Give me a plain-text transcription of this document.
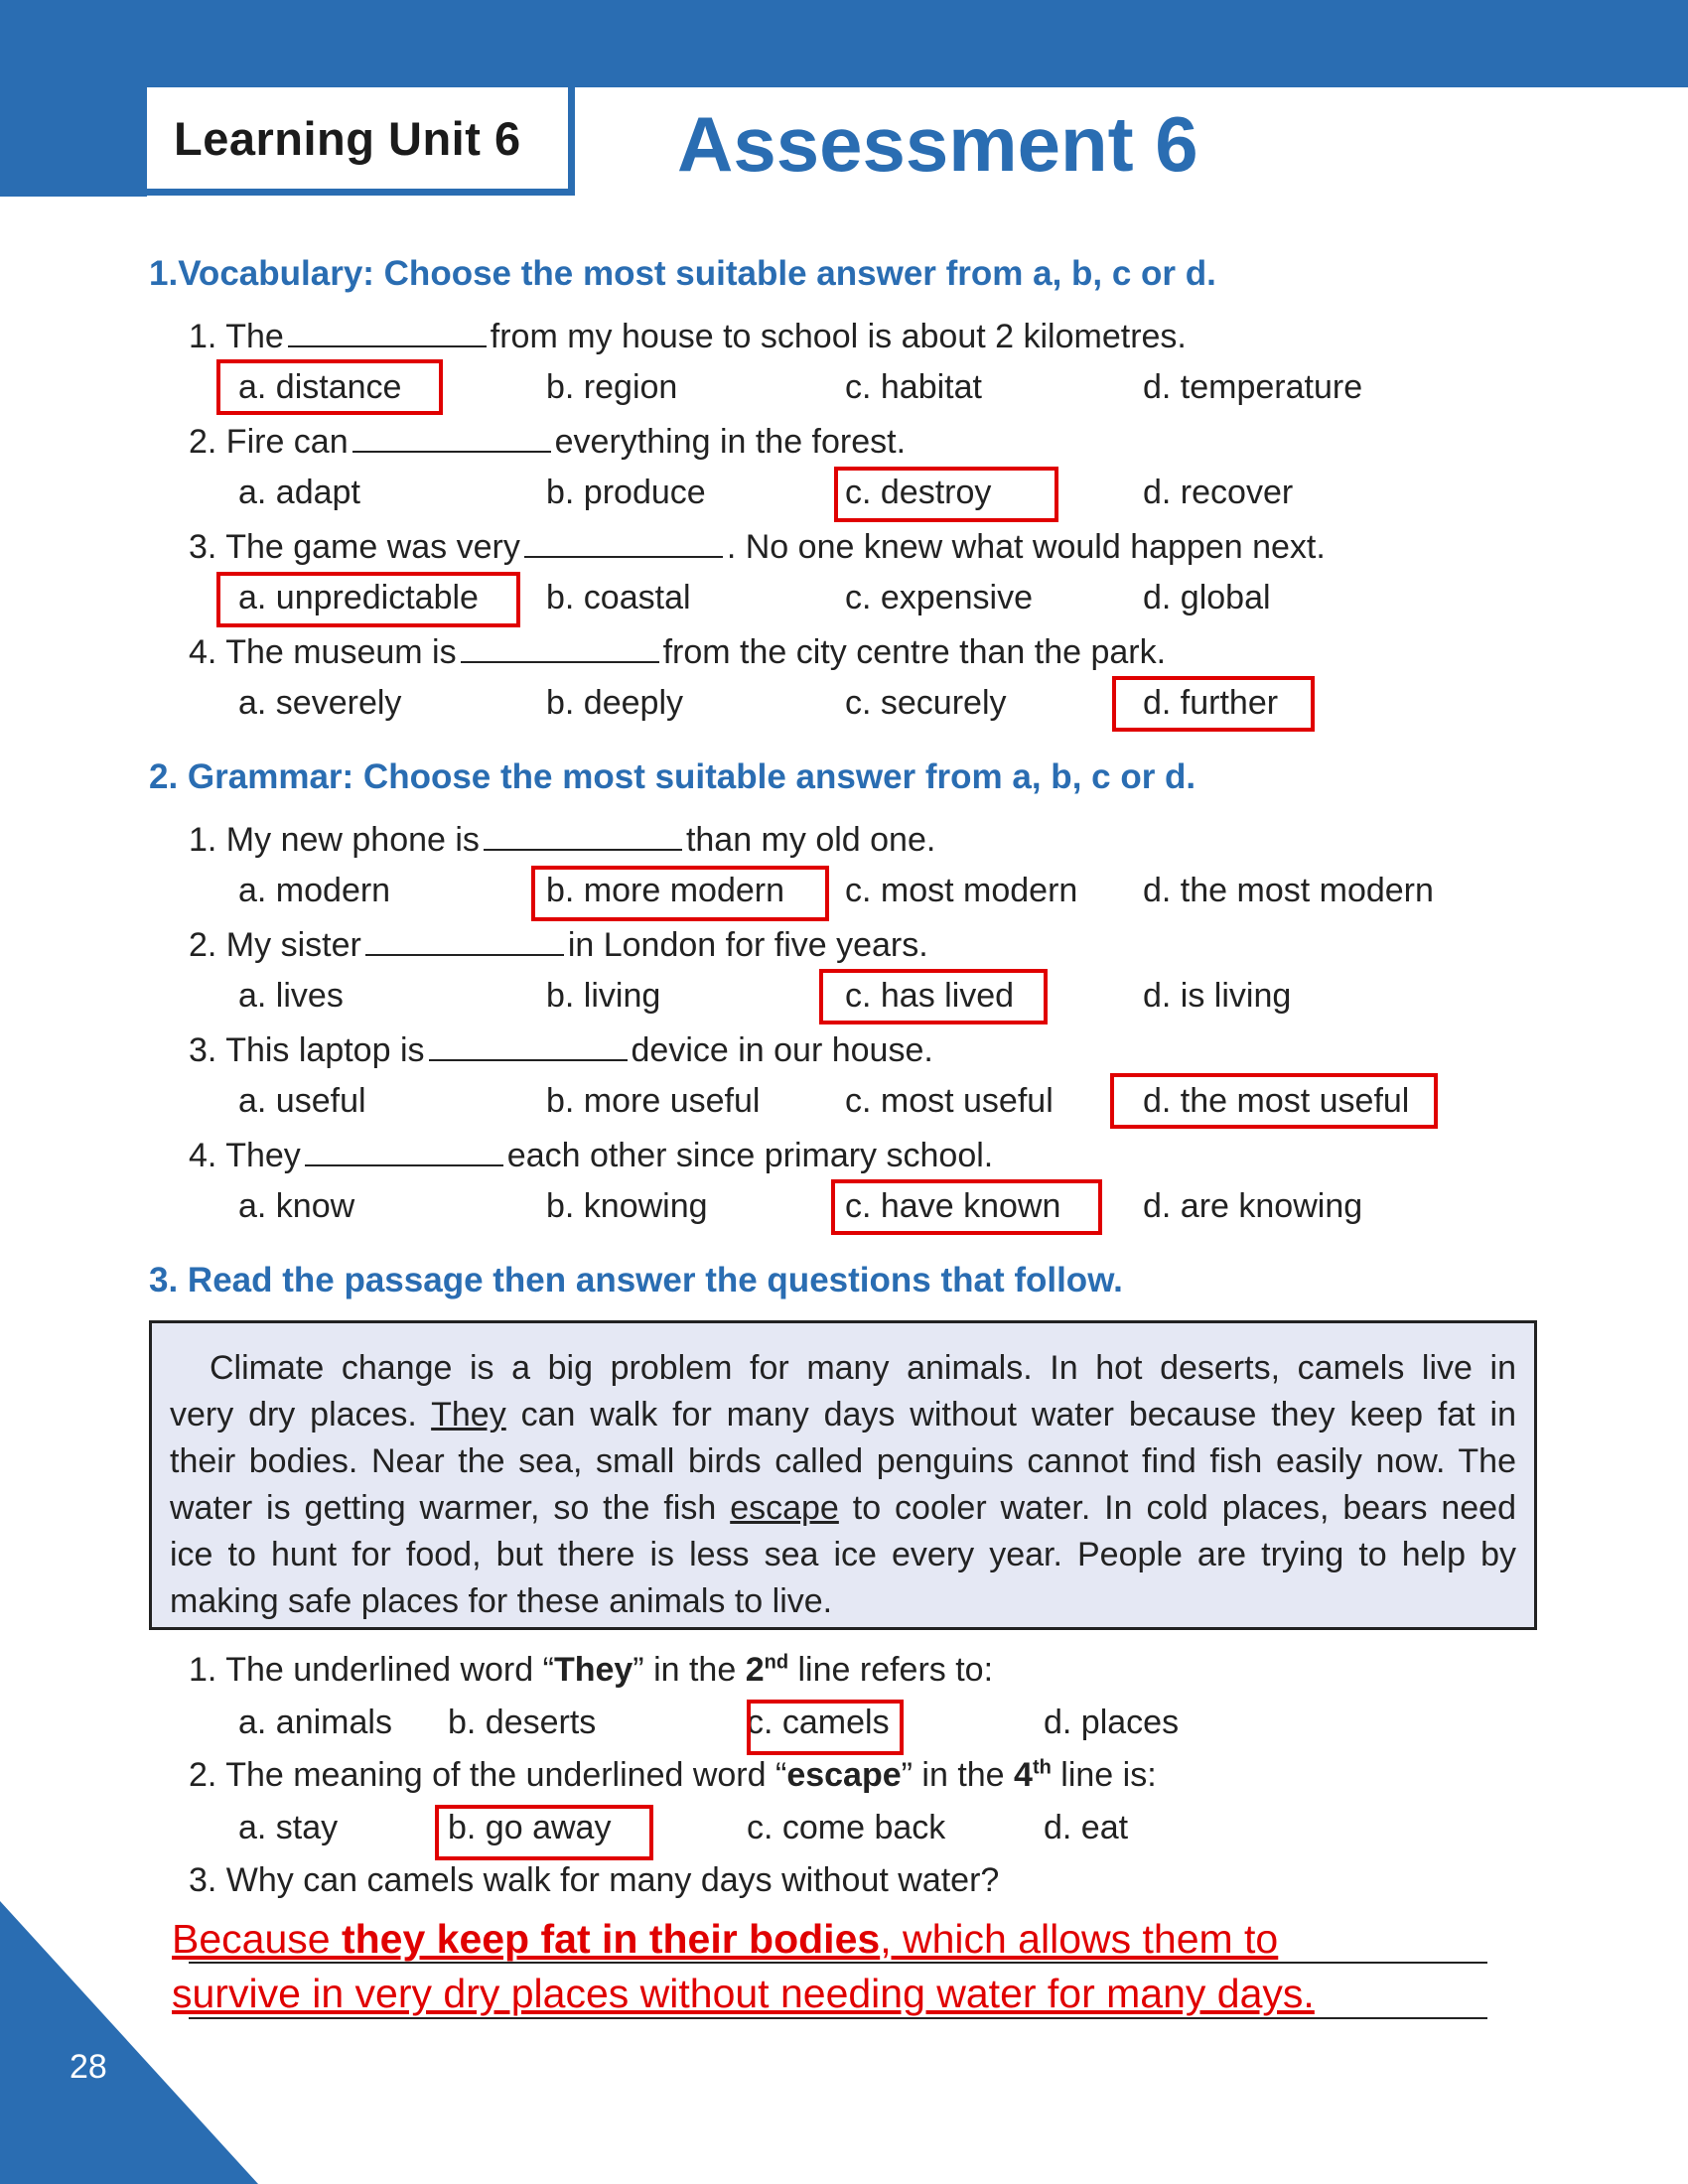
Learning Unit 6 Assessment 6
1.Vocabulary: Choose the most suitable answer from a, b, c or d.
1. The	from my house to school is about 2 kilometres.
a. distance	b. region	c. habitat	d. temperature
2. Fire can	everything in the forest.
a. adapt	b. produce	c. destroy	d. recover
3. The game was very	. No one knew what would happen next.
a. unpredictable b. coastal	c. expensive	d. global
4. The museum is	from the city centre than the park.
a. severely	b. deeply	c. securely	d. further
2. Grammar: Choose the most suitable answer from a, b, c or d.
1. My new phone is	than my old one.
a. modern	b. more modern c. most modern d. the most modern
2. My sister	in London for five years.
a. lives	b. living	c. has lived	d. is living
3. This laptop is	device in our house.
a. useful	b. more useful	c. most useful	d. the most useful
4. They	each other since primary school.
a. know	b. knowing	c. have known d. are knowing
3. Read the passage then answer the questions that follow.
Climate change is a big problem for many animals. In hot deserts, camels live in
very dry places. They can walk for many days without water because they keep fat in
their bodies. Near the sea, small birds called penguins cannot find fish easily now. The
water is getting warmer, so the fish escape to cooler water. In cold places, bears need
ice to hunt for food, but there is less sea ice every year. People are trying to help by
making safe places for these animals to live.
1. The underlined word “They” in the 2nd line refers to:
a. animals b. deserts	c. camels	d. places
2. The meaning of the underlined word “escape” in the 4th line is:
a. stay	b. go away	c. come back	d. eat
3. Why can camels walk for many days without water?
Because they keep fat in their bodies, which allows them to
survive in very dry places without needing water for many days.
28
